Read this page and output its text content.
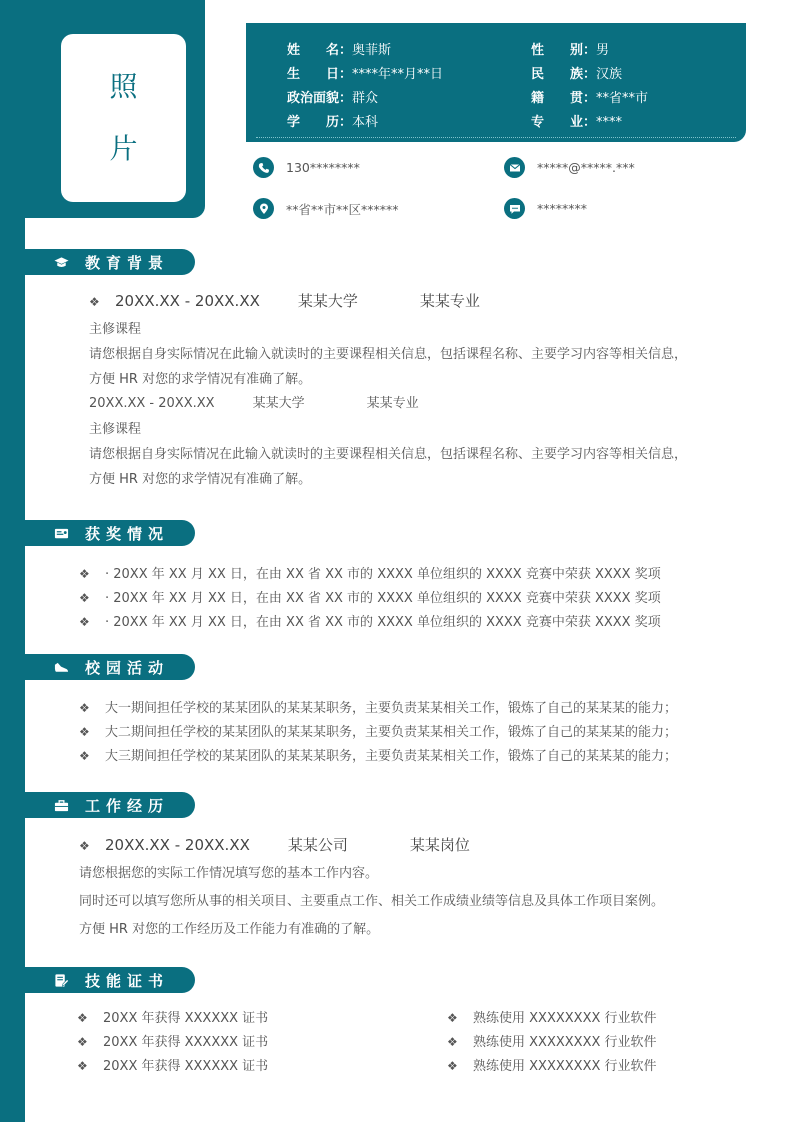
照
片
姓　　名：奥菲斯	性　　别：男
生　　日：****年**月**日	民　　族：汉族
政治面貌：群众	籍　　贯：**省**市
学　　历：本科	专　　业：****
130********	*****@*****.***
**省**市**区******	********
教育背景
❖ 20XX.XX - 20XX.XX	某某大学	某某专业
主修课程
请您根据自身实际情况在此输入就读时的主要课程相关信息，包括课程名称、主要学习内容等相关信息，
方便 HR 对您的求学情况有准确了解。
20XX.XX - 20XX.XX	某某大学	某某专业
主修课程
请您根据自身实际情况在此输入就读时的主要课程相关信息，包括课程名称、主要学习内容等相关信息，
方便 HR 对您的求学情况有准确了解。
获奖情况
❖ · 20XX 年 XX 月 XX 日，在由 XX 省 XX 市的 XXXX 单位组织的 XXXX 竞赛中荣获 XXXX 奖项
❖ · 20XX 年 XX 月 XX 日，在由 XX 省 XX 市的 XXXX 单位组织的 XXXX 竞赛中荣获 XXXX 奖项
❖ · 20XX 年 XX 月 XX 日，在由 XX 省 XX 市的 XXXX 单位组织的 XXXX 竞赛中荣获 XXXX 奖项
校园活动
❖ 大一期间担任学校的某某团队的某某某职务，主要负责某某相关工作，锻炼了自己的某某某的能力；
❖ 大二期间担任学校的某某团队的某某某职务，主要负责某某相关工作，锻炼了自己的某某某的能力；
❖ 大三期间担任学校的某某团队的某某某职务，主要负责某某相关工作，锻炼了自己的某某某的能力；
工作经历
❖ 20XX.XX - 20XX.XX	某某公司	某某岗位
请您根据您的实际工作情况填写您的基本工作内容。
同时还可以填写您所从事的相关项目、主要重点工作、相关工作成绩业绩等信息及具体工作项目案例。
方便 HR 对您的工作经历及工作能力有准确的了解。
技能证书
❖ 20XX 年获得 XXXXXX 证书
❖ 20XX 年获得 XXXXXX 证书
❖ 20XX 年获得 XXXXXX 证书
❖ 熟练使用 XXXXXXXX 行业软件
❖ 熟练使用 XXXXXXXX 行业软件
❖ 熟练使用 XXXXXXXX 行业软件
